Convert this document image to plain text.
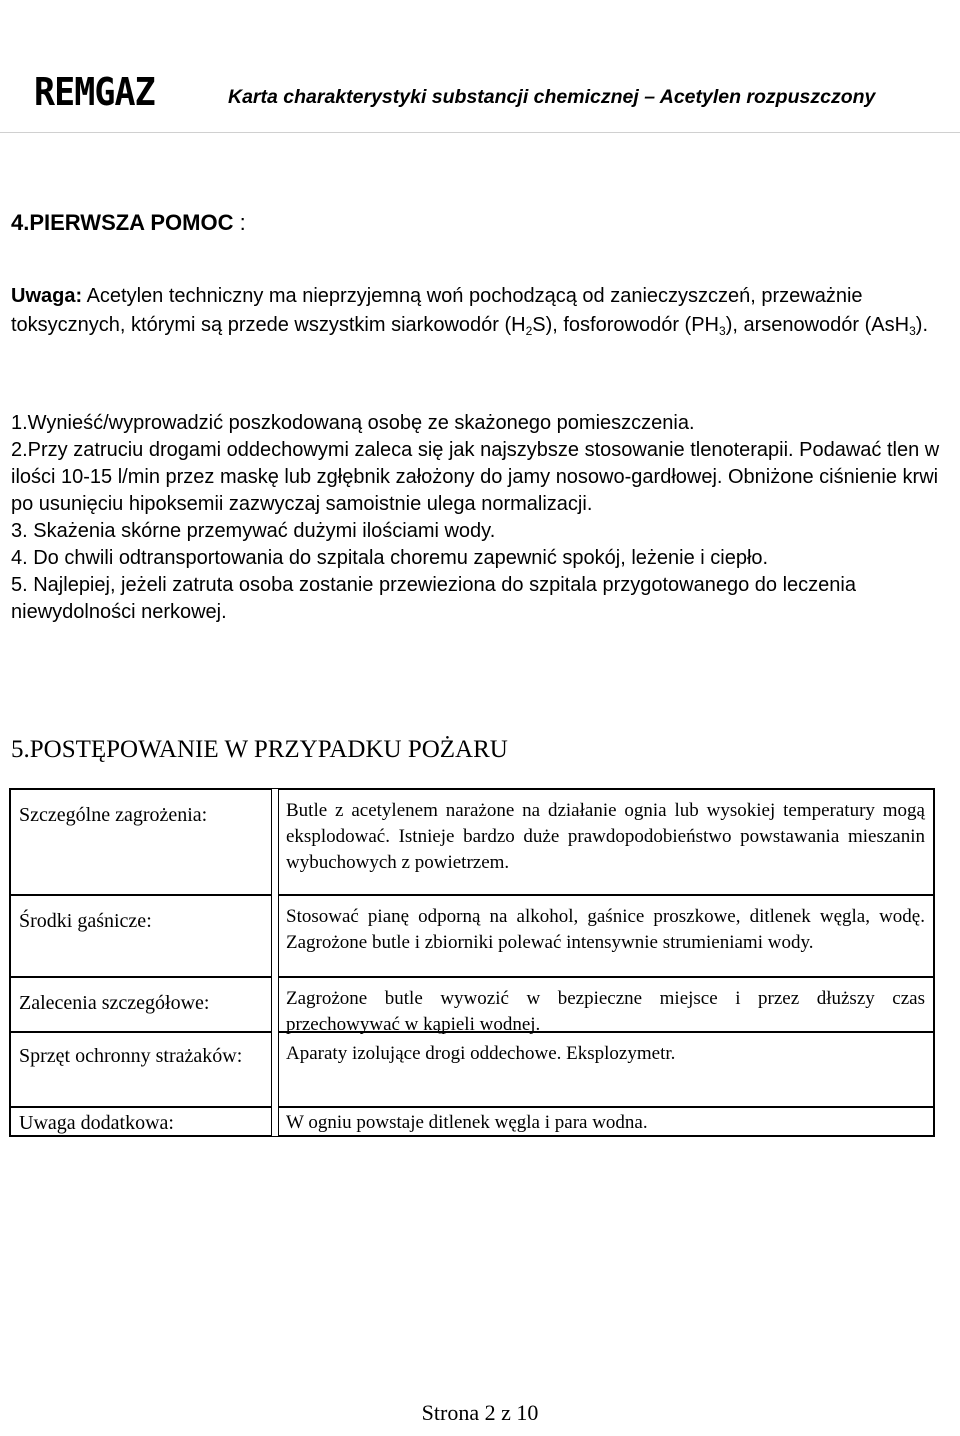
REMGAZ	Karta charakterystyki substancji chemicznej – Acetylen rozpuszczony
4.PIERWSZA POMOC :
Uwaga: Acetylen techniczny ma nieprzyjemną woń pochodzącą od zanieczyszczeń, przeważnie toksycznych, którymi są przede wszystkim siarkowodór $(H_2S)$, fosforowodór $(PH_3)$, arsenowodór (AsH$_3$).

1.Wynieść/wyprowadzić poszkodowaną osobę ze skażonego pomieszczenia.

2.Przy zatruciu drogami oddechowymi zaleca się jak najszybsze stosowanie tlenoterapii. Podawać tlen w ilości 10-15 l/min przez maskę lub zgłębnik założony do jamy nosowo-gardłowej. Obniżone ciśnienie krwi po usunięciu hipoksemii zazwyczaj samoistnie ulega normalizacji.

3. Skażenia skórne przemywać dużymi ilościami wody.

4. Do chwili odtransportowania do szpitala choremu zapewnić spokój, leżenie i ciepło.

5. Najlepiej, jeżeli zatruta osoba zostanie przewieziona do szpitala przygotowanego do leczenia niewydolności nerkowej.

5.POSTĘPOWANIE W PRZYPADKU POŻARU
Szczególne zagrożenia:	Butle z acetylenem narażone na działanie ognia lub wysokiej temperatury mogą eksplodować. Istnieje bardzo duże prawdopodobieństwo powstawania mieszanin wybuchowych z powietrzem.
Środki gaśnicze:	Stosować pianę odporną na alkohol, gaśnice proszkowe, ditlenek węgla, wodę. Zagrożone butle i zbiorniki polewać intensywnie strumieniami wody.
Zalecenia szczegółowe:	Zagrożone butle wywozić w bezpieczne miejsce i przez dłuższy czas przechowywać w kąpieli wodnej.
Sprzęt ochronny strażaków:	Aparaty izolujące drogi oddechowe. Eksplozymetr.
Uwaga dodatkowa:	W ogniu powstaje ditlenek węgla i para wodna.
Strona 2 z 10
